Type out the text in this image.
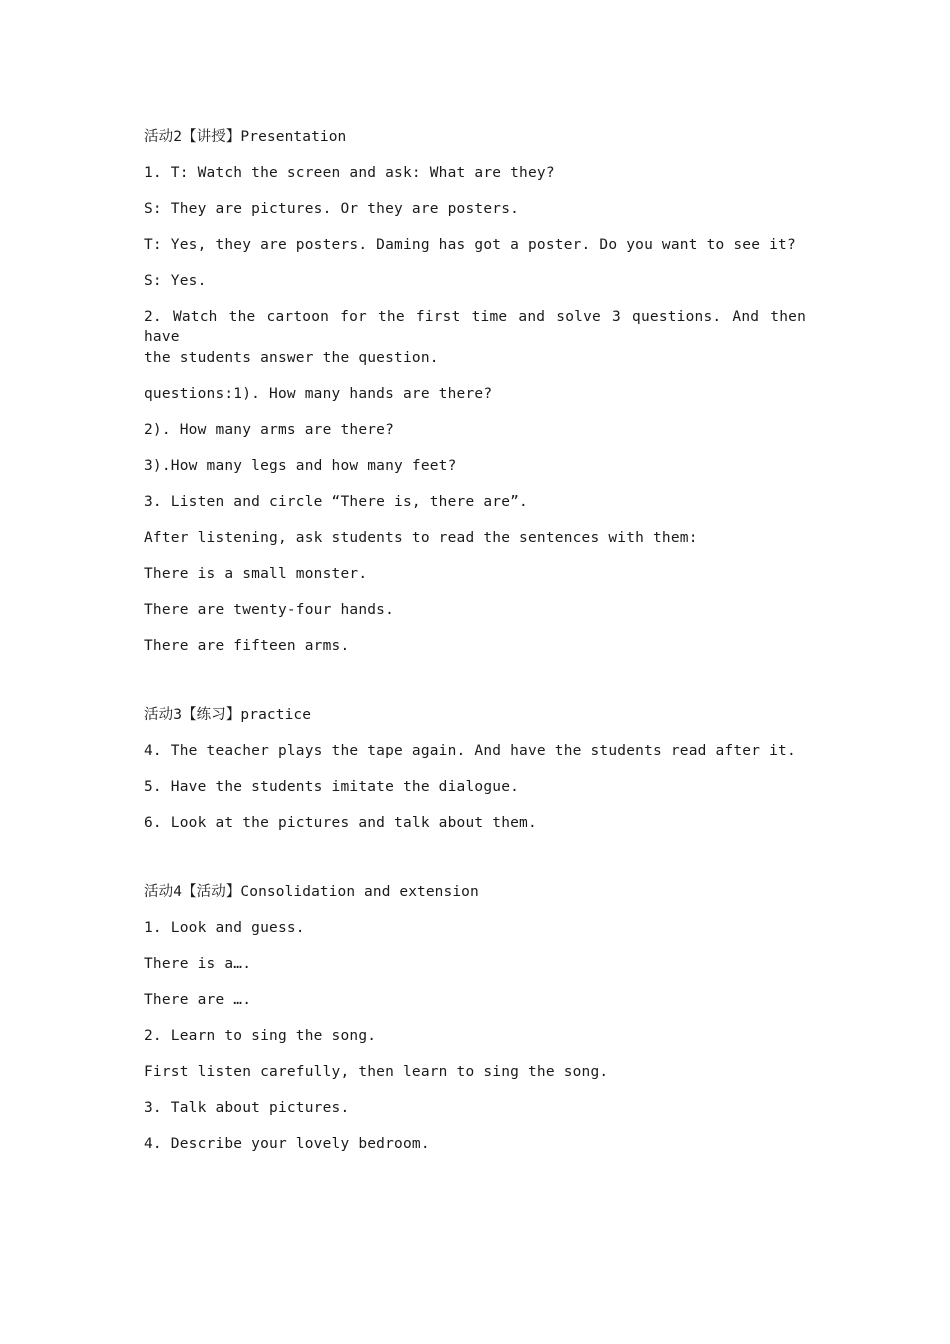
活动2【讲授】Presentation
1. T: Watch the screen and ask: What are they?
S: They are pictures. Or they are posters.
T: Yes, they are posters. Daming has got a poster. Do you want to see it?
S: Yes.
2. Watch the cartoon for the first time and solve 3 questions. And then have
the students answer the question.
questions:1). How many hands are there?
2). How many arms are there?
3).How many legs and how many feet?
3. Listen and circle “There is, there are”.
After listening, ask students to read the sentences with them:
There is a small monster.
There are twenty-four hands.
There are fifteen arms.
活动3【练习】practice
4. The teacher plays the tape again. And have the students read after it.
5. Have the students imitate the dialogue.
6. Look at the pictures and talk about them.
活动4【活动】Consolidation and extension
1. Look and guess.
There is a….
There are ….
2. Learn to sing the song.
First listen carefully, then learn to sing the song.
3. Talk about pictures.
4. Describe your lovely bedroom.
